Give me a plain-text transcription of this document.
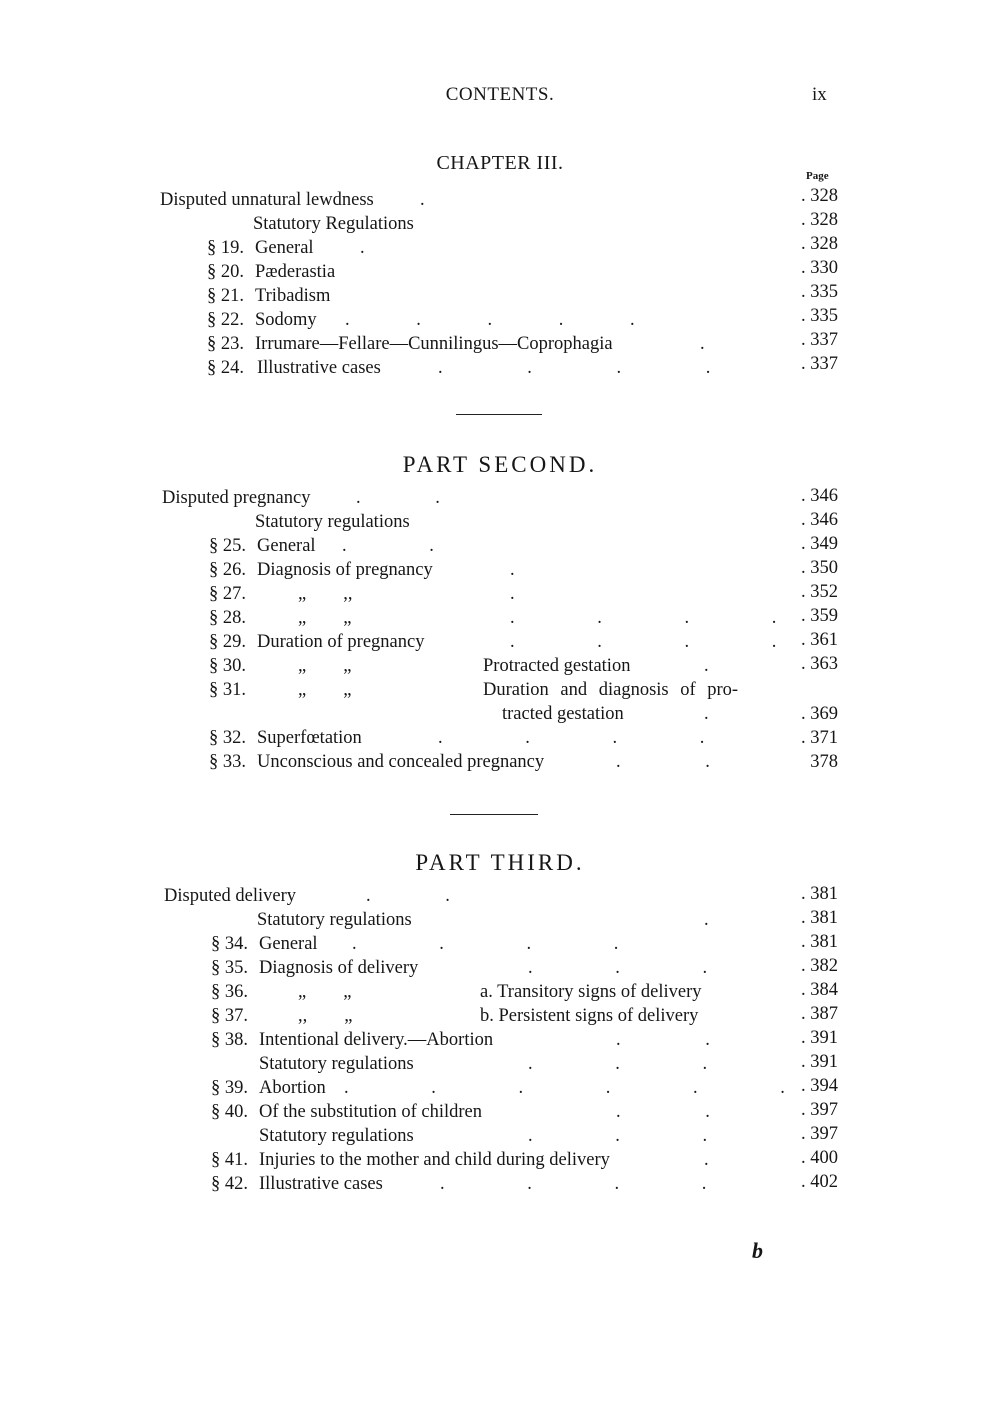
CONTENTS.	ix
CHAPTER III.
Page
Disputed unnatural lewdness	.	. 328
Statutory Regulations	. 328
§ 19. General	.	. 328
§ 20. Pæderastia	. 330
§ 21. Tribadism	. 335
§ 22. Sodomy . . . . .	. 335
§ 23. Irrumare—Fellare—Cunnilingus—Coprophagia	.	. 337
§ 24. Illustrative cases	. . . .	. 337
PART SECOND.
Disputed pregnancy . .	. 346
Statutory regulations	. 346
§ 25. General . .	. 349
§ 26. Diagnosis of pregnancy	.	. 350
§ 27.	„        ,,	.	. 352
§ 28.	„        „	. . . .	. 359
§ 29. Duration of pregnancy	. . . .	. 361
§ 30.	„        „	Protracted gestation	.	. 363
§ 31.	„        „	Duration and diagnosis of pro-
tracted gestation	.	. 369
§ 32. Superfœtation	. . . .	. 371
§ 33. Unconscious and concealed pregnancy	. .	378
PART THIRD.
Disputed delivery	. .	. 381
Statutory regulations	.	. 381
§ 34. General . . . .	. 381
§ 35. Diagnosis of delivery	. . .	. 382
§ 36.	„        „	a. Transitory signs of delivery	. 384
§ 37.	,,        „	b. Persistent signs of delivery	. 387
§ 38. Intentional delivery.—Abortion	. .	. 391
Statutory regulations	. . .	. 391
§ 39. Abortion . . . . . . . 394
§ 40. Of the substitution of children	. .	. 397
Statutory regulations	. . .	. 397
§ 41. Injuries to the mother and child during delivery	.	. 400
§ 42. Illustrative cases	. . . .	. 402
b
